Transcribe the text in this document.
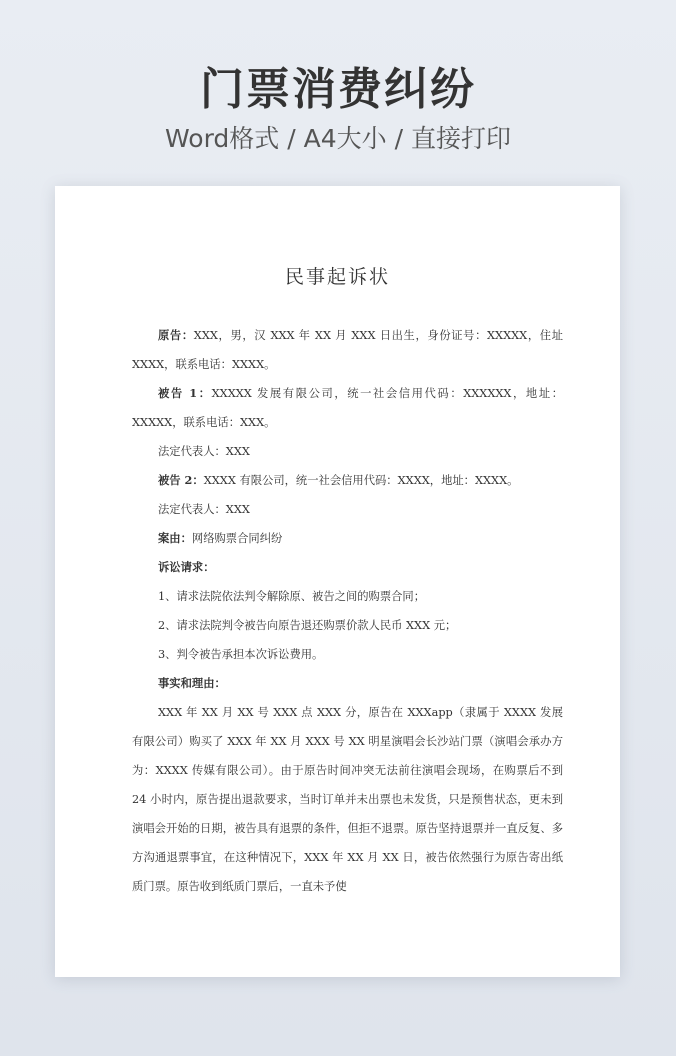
门票消费纠纷
Word格式 / A4大小 / 直接打印
民事起诉状

原告：XXX，男，汉 XXX 年 XX 月 XXX 日出生，身份证号：XXXXX，住址 XXXX，联系电话：XXXX。

被告 1：XXXXX 发展有限公司，统一社会信用代码：XXXXXX，地址：XXXXX，联系电话：XXX。

法定代表人：XXX

被告 2：XXXX 有限公司，统一社会信用代码：XXXX，地址：XXXX。

法定代表人：XXX

案由：网络购票合同纠纷

诉讼请求：

1、请求法院依法判令解除原、被告之间的购票合同；

2、请求法院判令被告向原告退还购票价款人民币 XXX 元；

3、判令被告承担本次诉讼费用。

事实和理由：

XXX 年 XX 月 XX 号 XXX 点 XXX 分，原告在 XXXapp（隶属于 XXXX 发展有限公司）购买了 XXX 年 XX 月 XXX 号 XX 明星演唱会长沙站门票（演唱会承办方为：XXXX 传媒有限公司）。由于原告时间冲突无法前往演唱会现场，在购票后不到 24 小时内，原告提出退款要求，当时订单并未出票也未发货，只是预售状态，更未到演唱会开始的日期，被告具有退票的条件，但拒不退票。原告坚持退票并一直反复、多方沟通退票事宜，在这种情况下，XXX 年 XX 月 XX 日，被告依然强行为原告寄出纸质门票。原告收到纸质门票后，一直未予使
